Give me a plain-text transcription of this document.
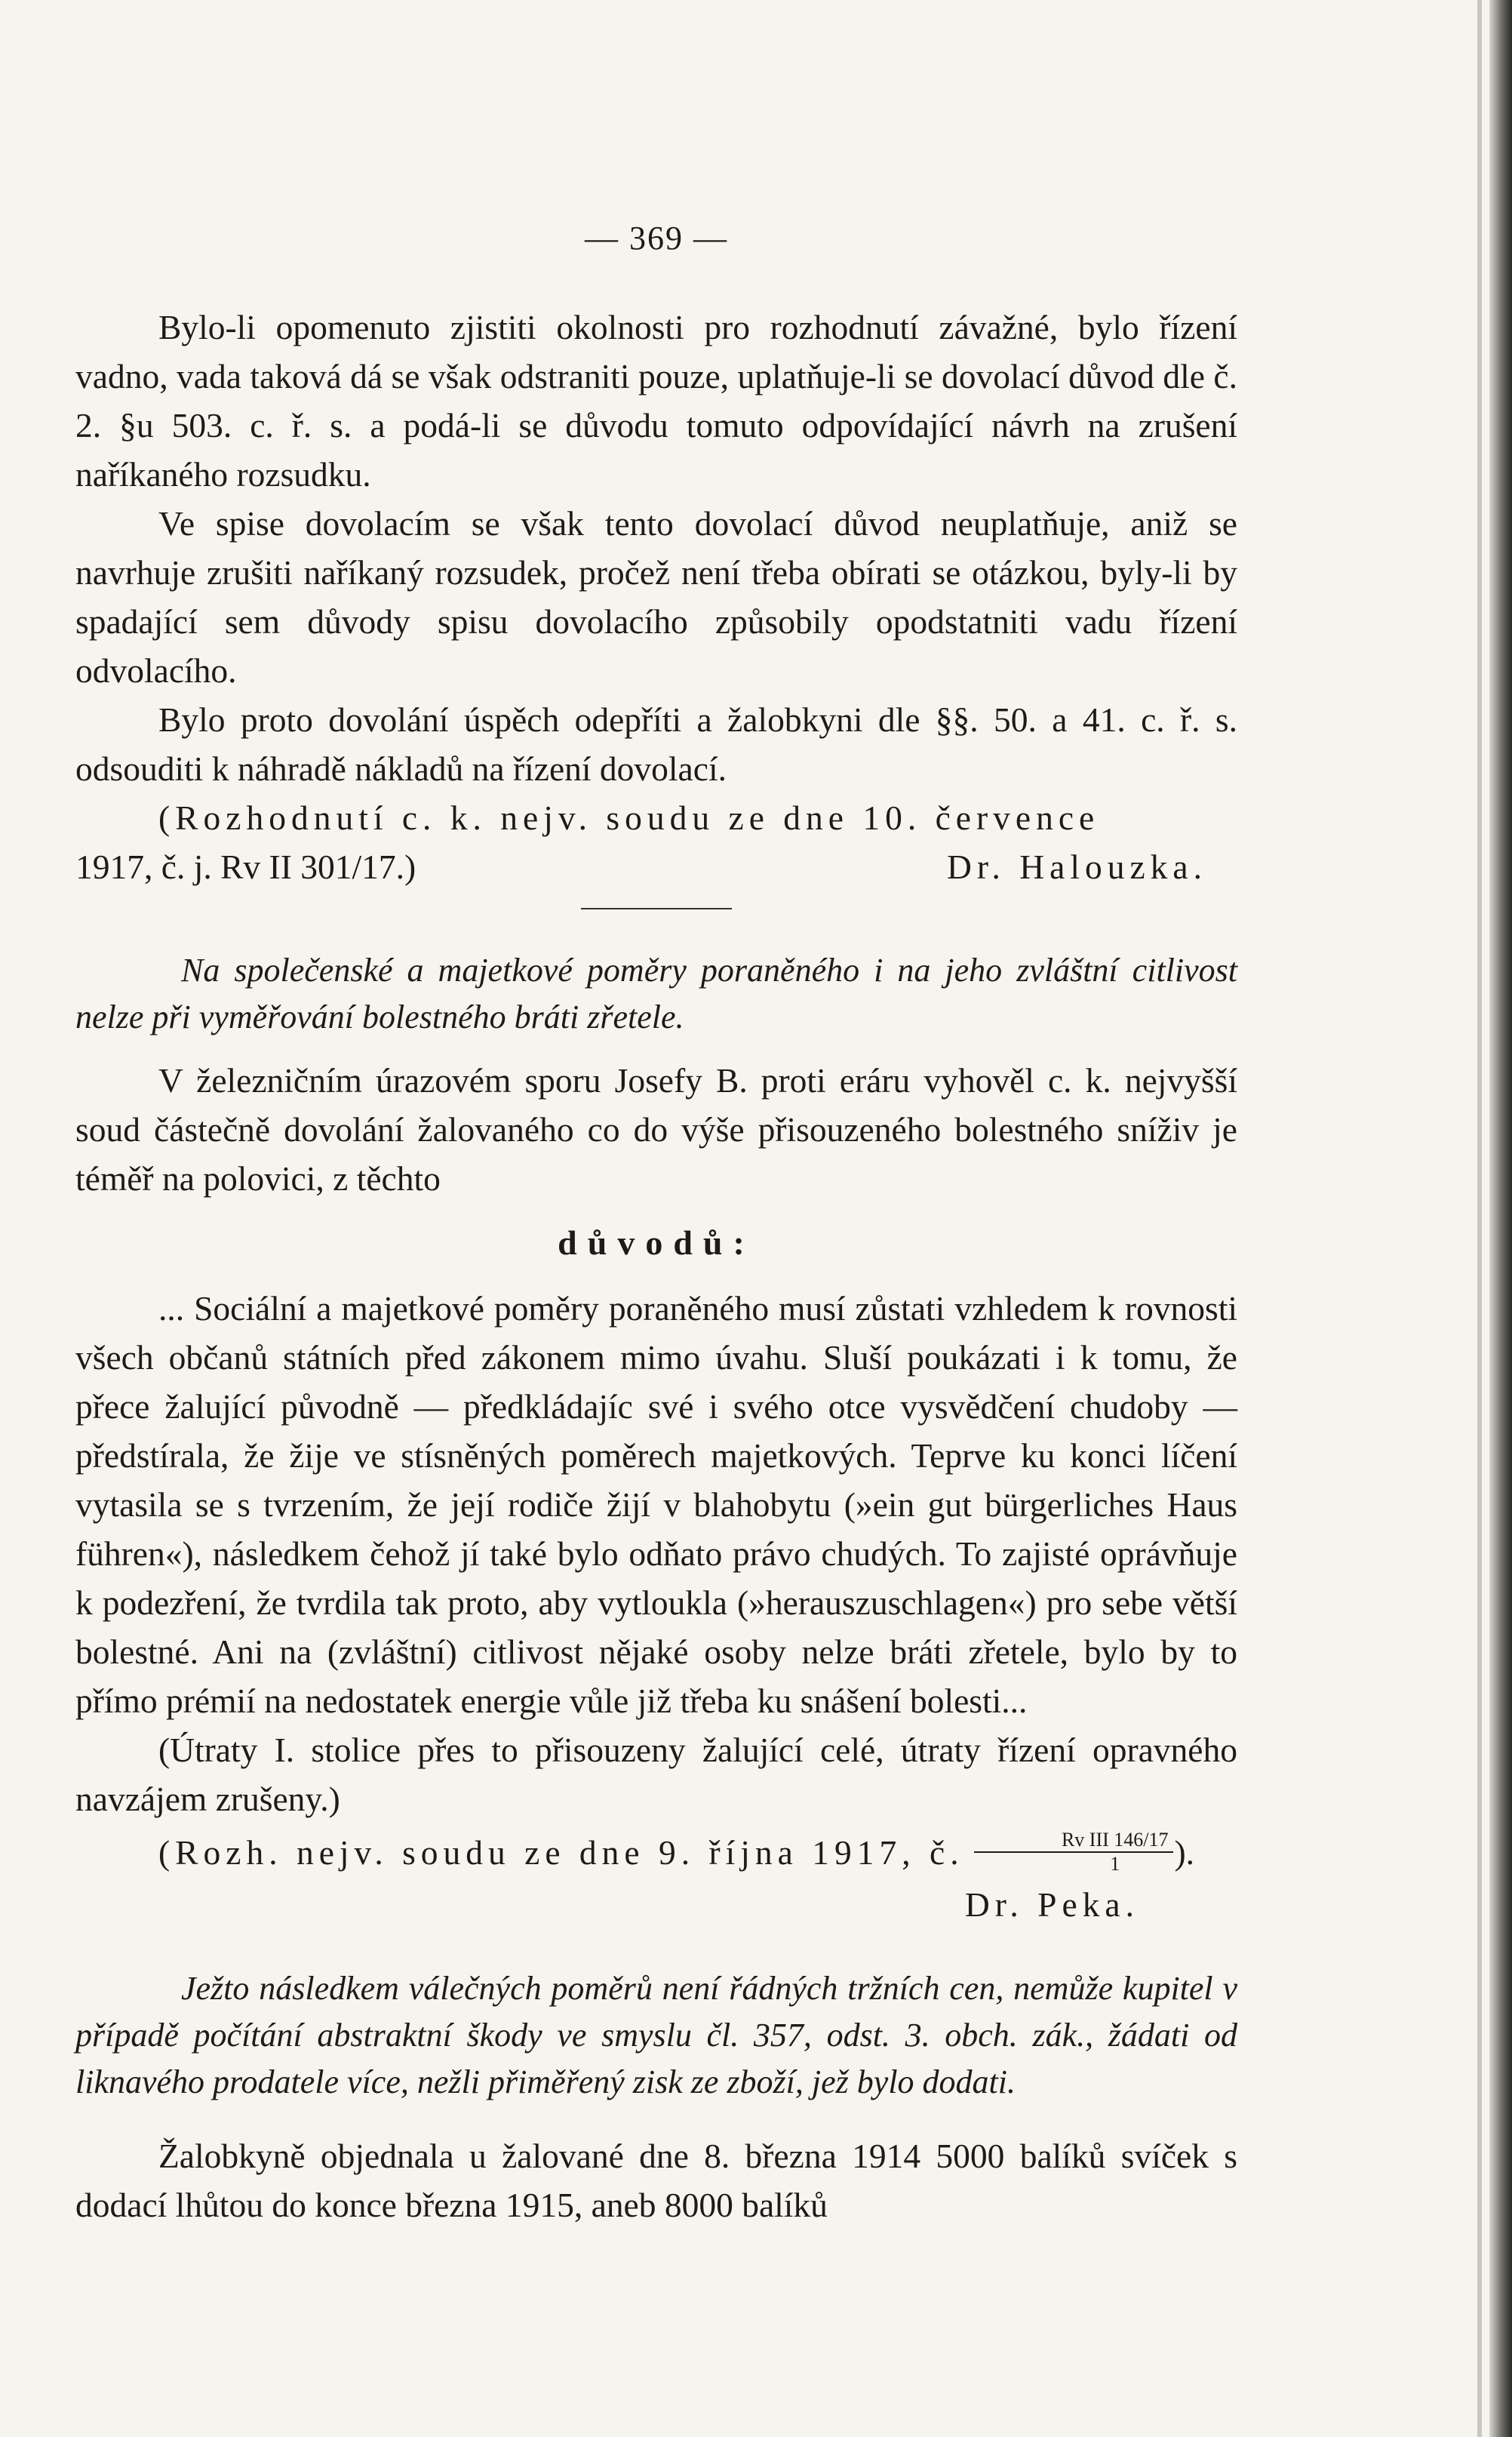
— 369 —

Bylo-li opomenuto zjistiti okolnosti pro rozhodnutí závažné, bylo řízení vadno, vada taková dá se však odstraniti pouze, uplatňuje-li se dovolací důvod dle č. 2. §u 503. c. ř. s. a podá-li se důvodu tomuto odpovídající návrh na zrušení naříkaného rozsudku.

Ve spise dovolacím se však tento dovolací důvod neuplatňuje, aniž se navrhuje zrušiti naříkaný rozsudek, pročež není třeba obírati se otázkou, byly-li by spadající sem důvody spisu dovolacího způsobily opodstatniti vadu řízení odvolacího.

Bylo proto dovolání úspěch odepříti a žalobkyni dle §§. 50. a 41. c. ř. s. odsouditi k náhradě nákladů na řízení dovolací.

(Rozhodnutí c. k. nejv. soudu ze dne 10. července

1917, č. j. Rv II 301/17.)	Dr. Halouzka.

Na společenské a majetkové poměry poraněného i na jeho zvláštní citlivost nelze při vyměřování bolestného bráti zřetele.

V železničním úrazovém sporu Josefy B. proti eráru vyhověl c. k. nejvyšší soud částečně dovolání žalovaného co do výše přisouzeného bolestného sníživ je téměř na polovici, z těchto

důvodů:

... Sociální a majetkové poměry poraněného musí zůstati vzhledem k rovnosti všech občanů státních před zákonem mimo úvahu. Sluší poukázati i k tomu, že přece žalující původně — předkládajíc své i svého otce vysvědčení chudoby — předstírala, že žije ve stísněných poměrech majetkových. Teprve ku konci líčení vytasila se s tvrzením, že její rodiče žijí v blahobytu (»ein gut bürgerliches Haus führen«), následkem čehož jí také bylo odňato právo chudých. To zajisté oprávňuje k podezření, že tvrdila tak proto, aby vytloukla (»herauszuschlagen«) pro sebe větší bolestné. Ani na (zvláštní) citlivost nějaké osoby nelze bráti zřetele, bylo by to přímo prémií na nedostatek energie vůle již třeba ku snášení bolesti...

(Útraty I. stolice přes to přisouzeny žalující celé, útraty řízení opravného navzájem zrušeny.)

(Rozh. nejv. soudu ze dne 9. října 1917, č. $\frac{\text{Rv III 146/17}}{1}$ ).

Dr. Peka.

Ježto následkem válečných poměrů není řádných tržních cen, nemůže kupitel v případě počítání abstraktní škody ve smyslu čl. 357, odst. 3. obch. zák., žádati od liknavého prodatele více, nežli přiměřený zisk ze zboží, jež bylo dodati.

Žalobkyně objednala u žalované dne 8. března 1914 5000 balíků svíček s dodací lhůtou do konce března 1915, aneb 8000 balíků
